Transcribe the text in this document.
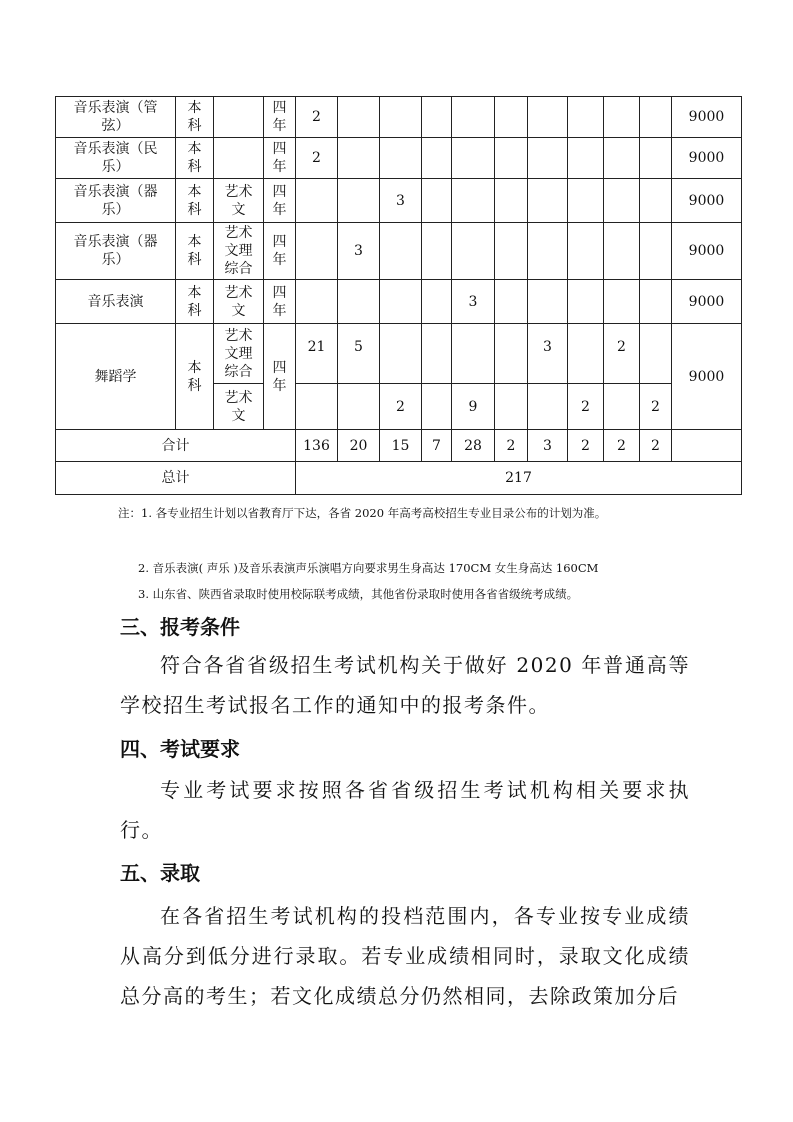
音乐表演（管弦）	本科		四年	2										9000
音乐表演（民乐）	本科		四年	2										9000
音乐表演（器乐）	本科	艺术文	四年			3								9000
音乐表演（器乐）	本科	艺术文理综合	四年		3									9000
音乐表演	本科	艺术文	四年					3						9000
舞蹈学	本科	艺术文理综合	四年	21	5					3		2		9000
		艺术文				2		9			2		2	
合计				136	20	15	7	28	2	3	2	2	2	
总计				217										
注：1. 各专业招生计划以省教育厅下达，各省 2020 年高考高校招生专业目录公布的计划为准。
2. 音乐表演( 声乐 )及音乐表演声乐演唱方向要求男生身高达 170CM 女生身高达 160CM
3. 山东省、陕西省录取时使用校际联考成绩，其他省份录取时使用各省省级统考成绩。
三、报考条件
符合各省省级招生考试机构关于做好 2020 年普通高等学校招生考试报名工作的通知中的报考条件。
四、考试要求
专业考试要求按照各省省级招生考试机构相关要求执行。
五、录取
在各省招生考试机构的投档范围内，各专业按专业成绩从高分到低分进行录取。若专业成绩相同时，录取文化成绩总分高的考生；若文化成绩总分仍然相同，去除政策加分后
